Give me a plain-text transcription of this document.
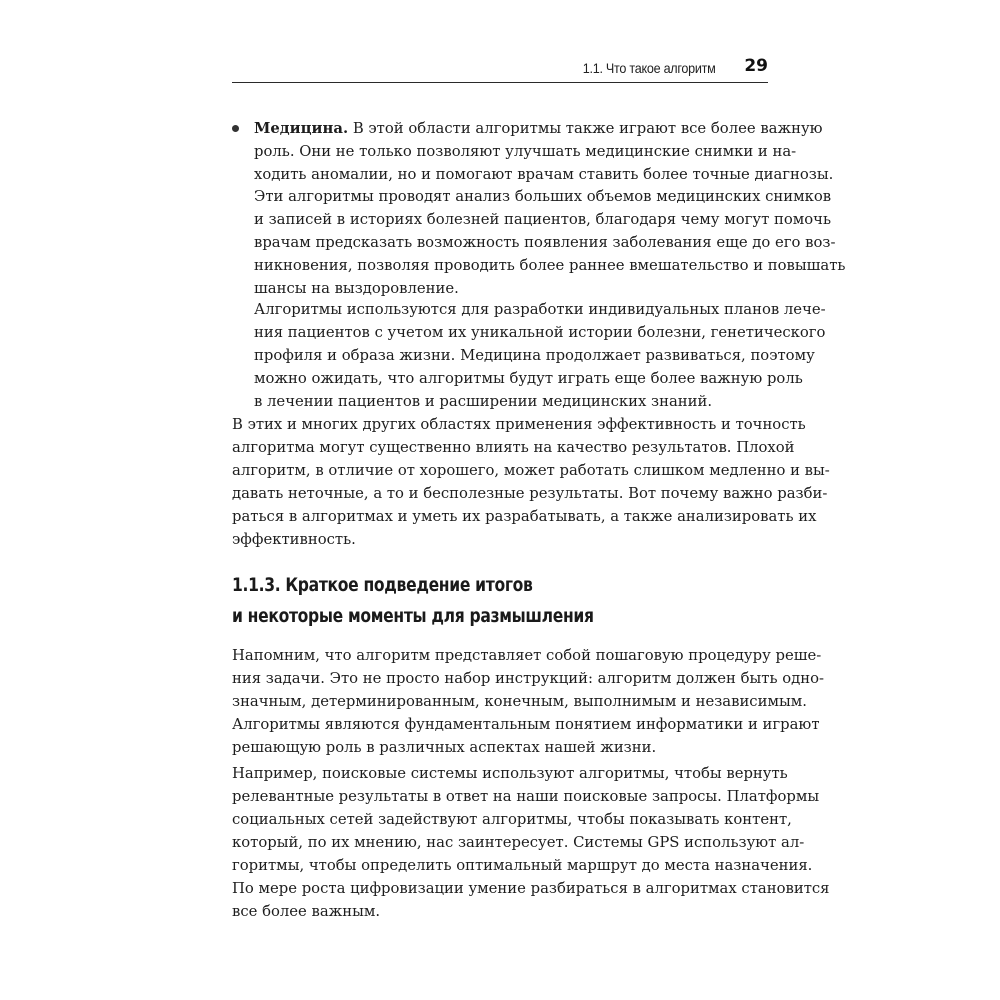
1.1. Что такое алгоритм 29
Медицина. В этой области алгоритмы также играют все более важную
роль. Они не только позволяют улучшать медицинские снимки и на-
ходить аномалии, но и помогают врачам ставить более точные диагнозы.
Эти алгоритмы проводят анализ больших объемов медицинских снимков
и записей в историях болезней пациентов, благодаря чему могут помочь
врачам предсказать возможность появления заболевания еще до его воз-
никновения, позволяя проводить более раннее вмешательство и повышать
шансы на выздоровление.
Алгоритмы используются для разработки индивидуальных планов лече-
ния пациентов с учетом их уникальной истории болезни, генетического
профиля и образа жизни. Медицина продолжает развиваться, поэтому
можно ожидать, что алгоритмы будут играть еще более важную роль
в лечении пациентов и расширении медицинских знаний.
В этих и многих других областях применения эффективность и точность
алгоритма могут существенно влиять на качество результатов. Плохой
алгоритм, в отличие от хорошего, может работать слишком медленно и вы-
давать неточные, а то и бесполезные результаты. Вот почему важно разби-
раться в алгоритмах и уметь их разрабатывать, а также анализировать их
эффективность.
1.1.3. Краткое подведение итогов
и некоторые моменты для размышления
Напомним, что алгоритм представляет собой пошаговую процедуру реше-
ния задачи. Это не просто набор инструкций: алгоритм должен быть одно-
значным, детерминированным, конечным, выполнимым и независимым.
Алгоритмы являются фундаментальным понятием информатики и играют
решающую роль в различных аспектах нашей жизни.
Например, поисковые системы используют алгоритмы, чтобы вернуть
релевантные результаты в ответ на наши поисковые запросы. Платформы
социальных сетей задействуют алгоритмы, чтобы показывать контент,
который, по их мнению, нас заинтересует. Системы GPS используют ал-
горитмы, чтобы определить оптимальный маршрут до места назначения.
По мере роста цифровизации умение разбираться в алгоритмах становится
все более важным.
